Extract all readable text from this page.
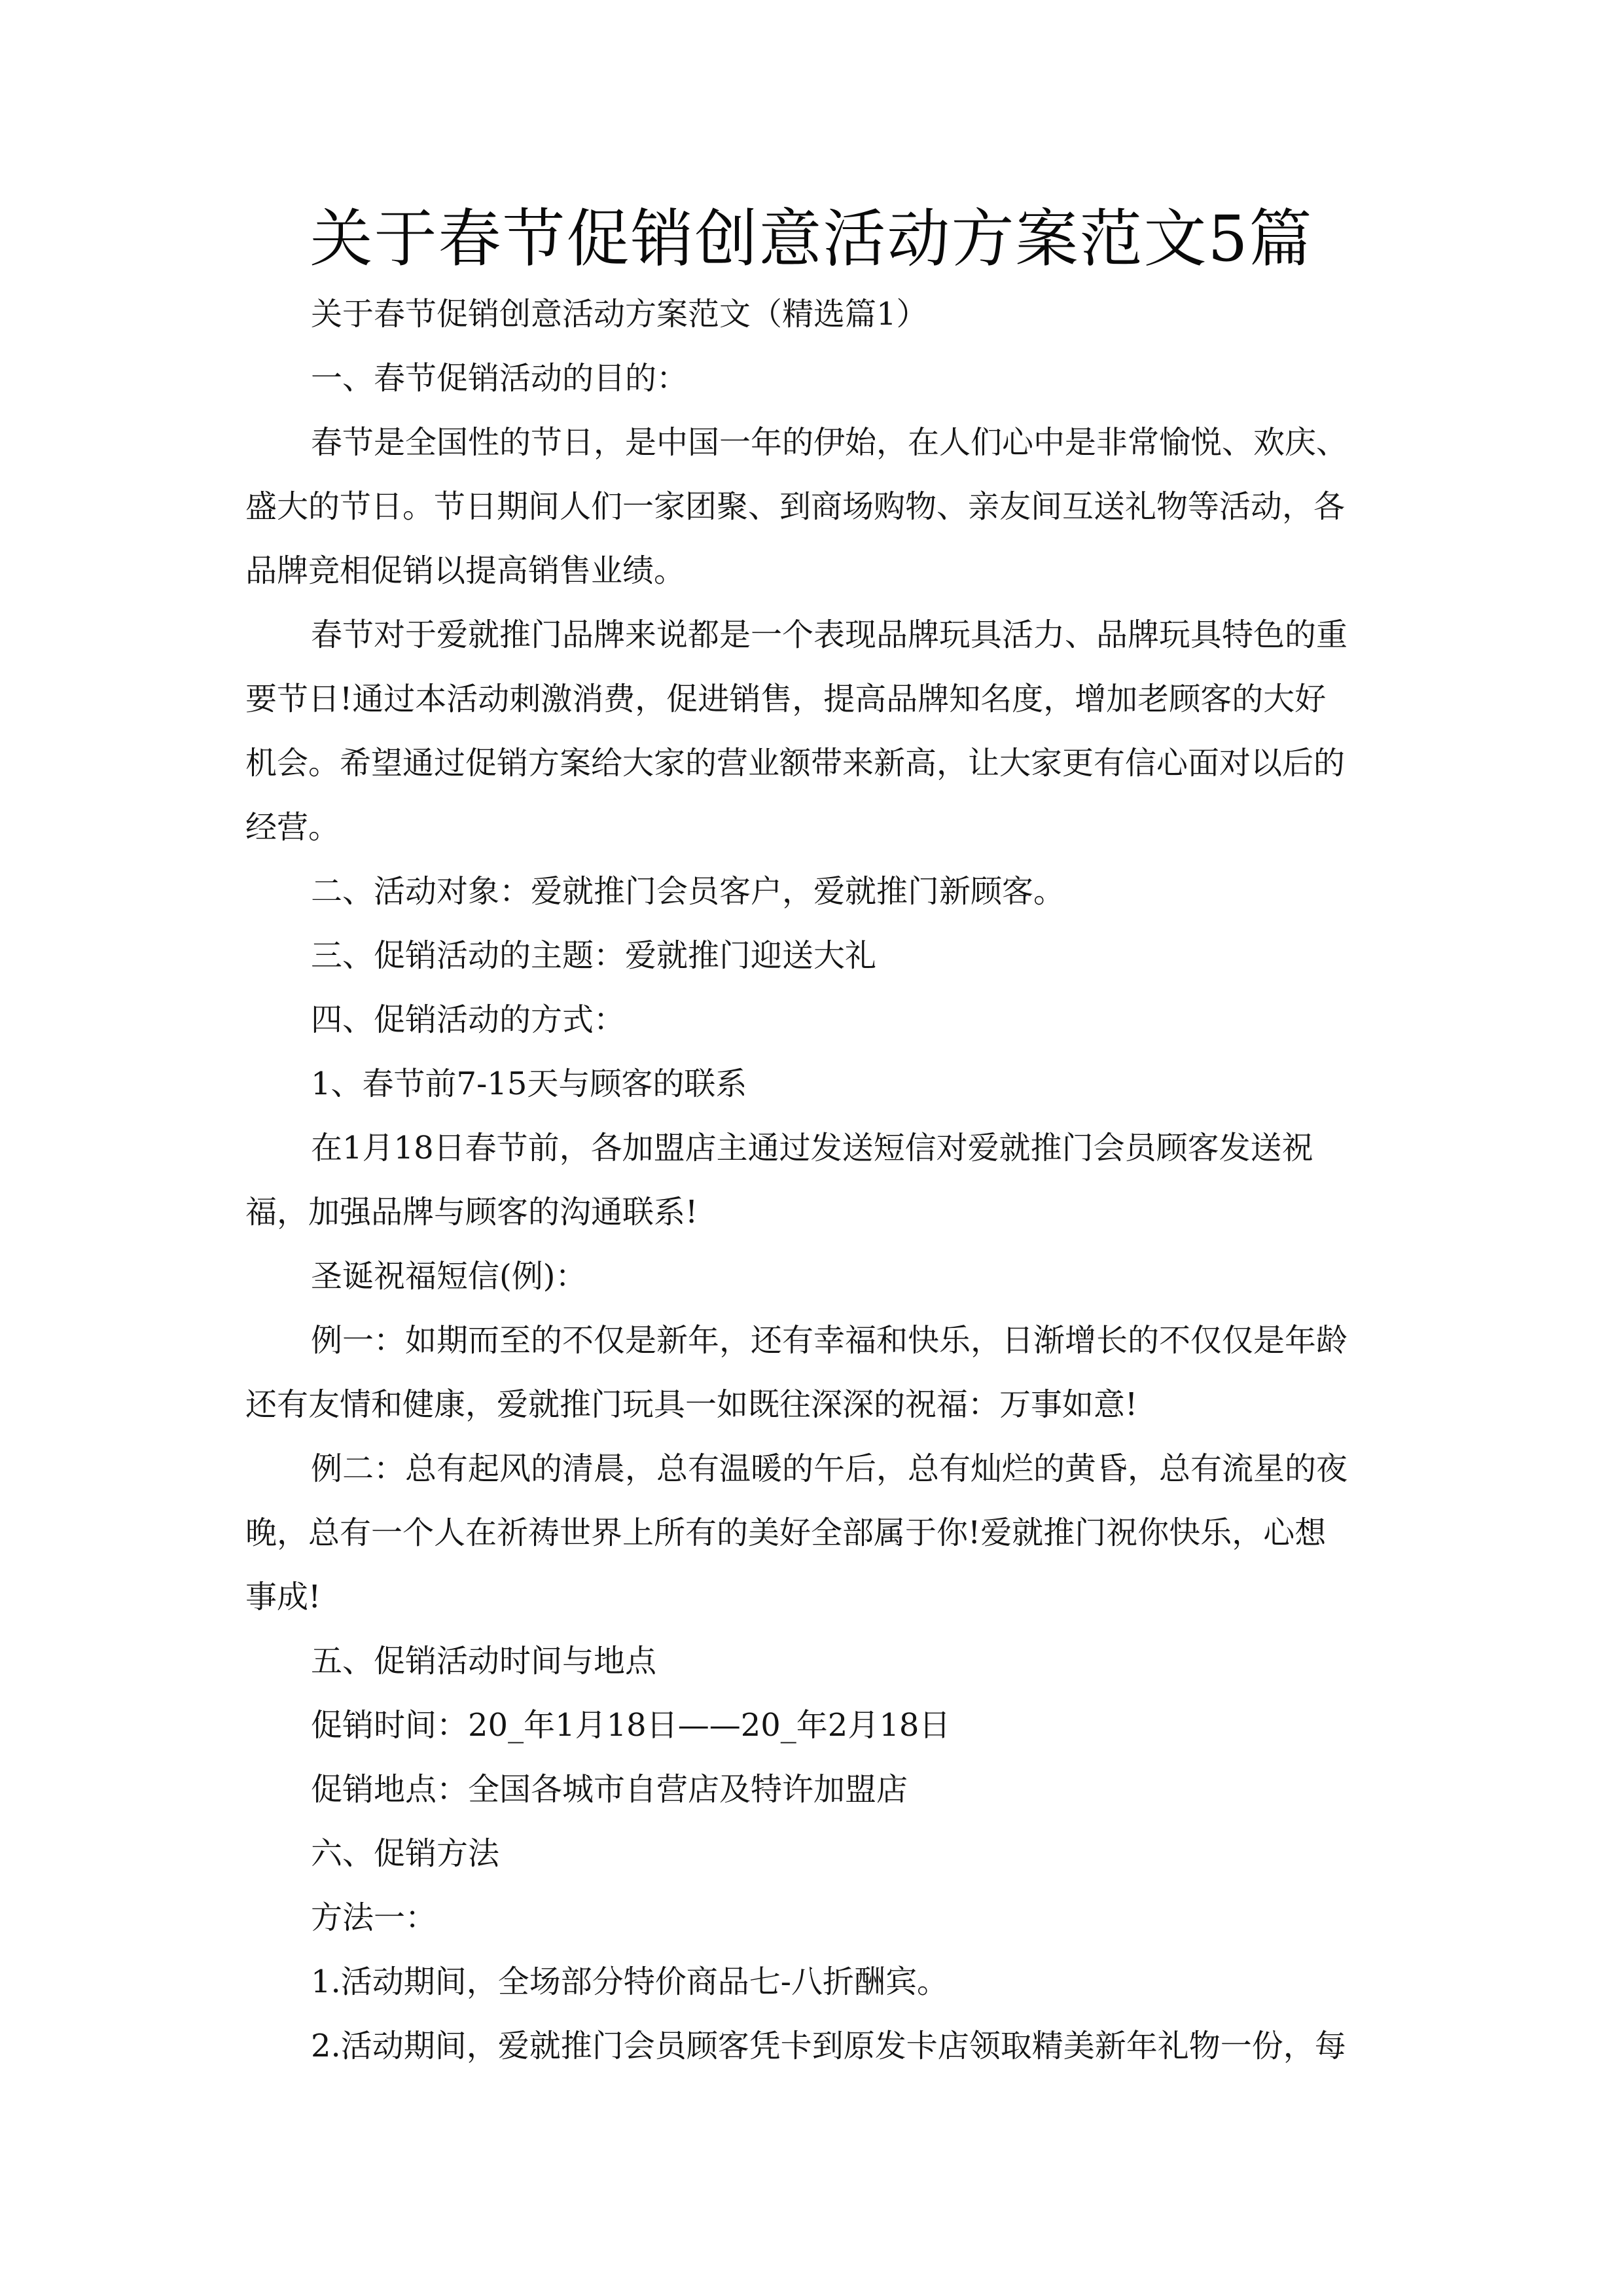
关于春节促销创意活动方案范文5篇
关于春节促销创意活动方案范文（精选篇1）
一、春节促销活动的目的：
春节是全国性的节日，是中国一年的伊始，在人们心中是非常愉悦、欢庆、
盛大的节日。节日期间人们一家团聚、到商场购物、亲友间互送礼物等活动，各
品牌竞相促销以提高销售业绩。
春节对于爱就推门品牌来说都是一个表现品牌玩具活力、品牌玩具特色的重
要节日!通过本活动刺激消费，促进销售，提高品牌知名度，增加老顾客的大好
机会。希望通过促销方案给大家的营业额带来新高，让大家更有信心面对以后的
经营。
二、活动对象：爱就推门会员客户，爱就推门新顾客。
三、促销活动的主题：爱就推门迎送大礼
四、促销活动的方式：
1、春节前7-15天与顾客的联系
在1月18日春节前，各加盟店主通过发送短信对爱就推门会员顾客发送祝
福，加强品牌与顾客的沟通联系!
圣诞祝福短信(例)：
例一：如期而至的不仅是新年，还有幸福和快乐，日渐增长的不仅仅是年龄
还有友情和健康，爱就推门玩具一如既往深深的祝福：万事如意!
例二：总有起风的清晨，总有温暖的午后，总有灿烂的黄昏，总有流星的夜
晚，总有一个人在祈祷世界上所有的美好全部属于你!爱就推门祝你快乐，心想
事成!
五、促销活动时间与地点
促销时间：20_年1月18日——20_年2月18日
促销地点：全国各城市自营店及特许加盟店
六、促销方法
方法一：
1.活动期间，全场部分特价商品七-八折酬宾。
2.活动期间，爱就推门会员顾客凭卡到原发卡店领取精美新年礼物一份，每
